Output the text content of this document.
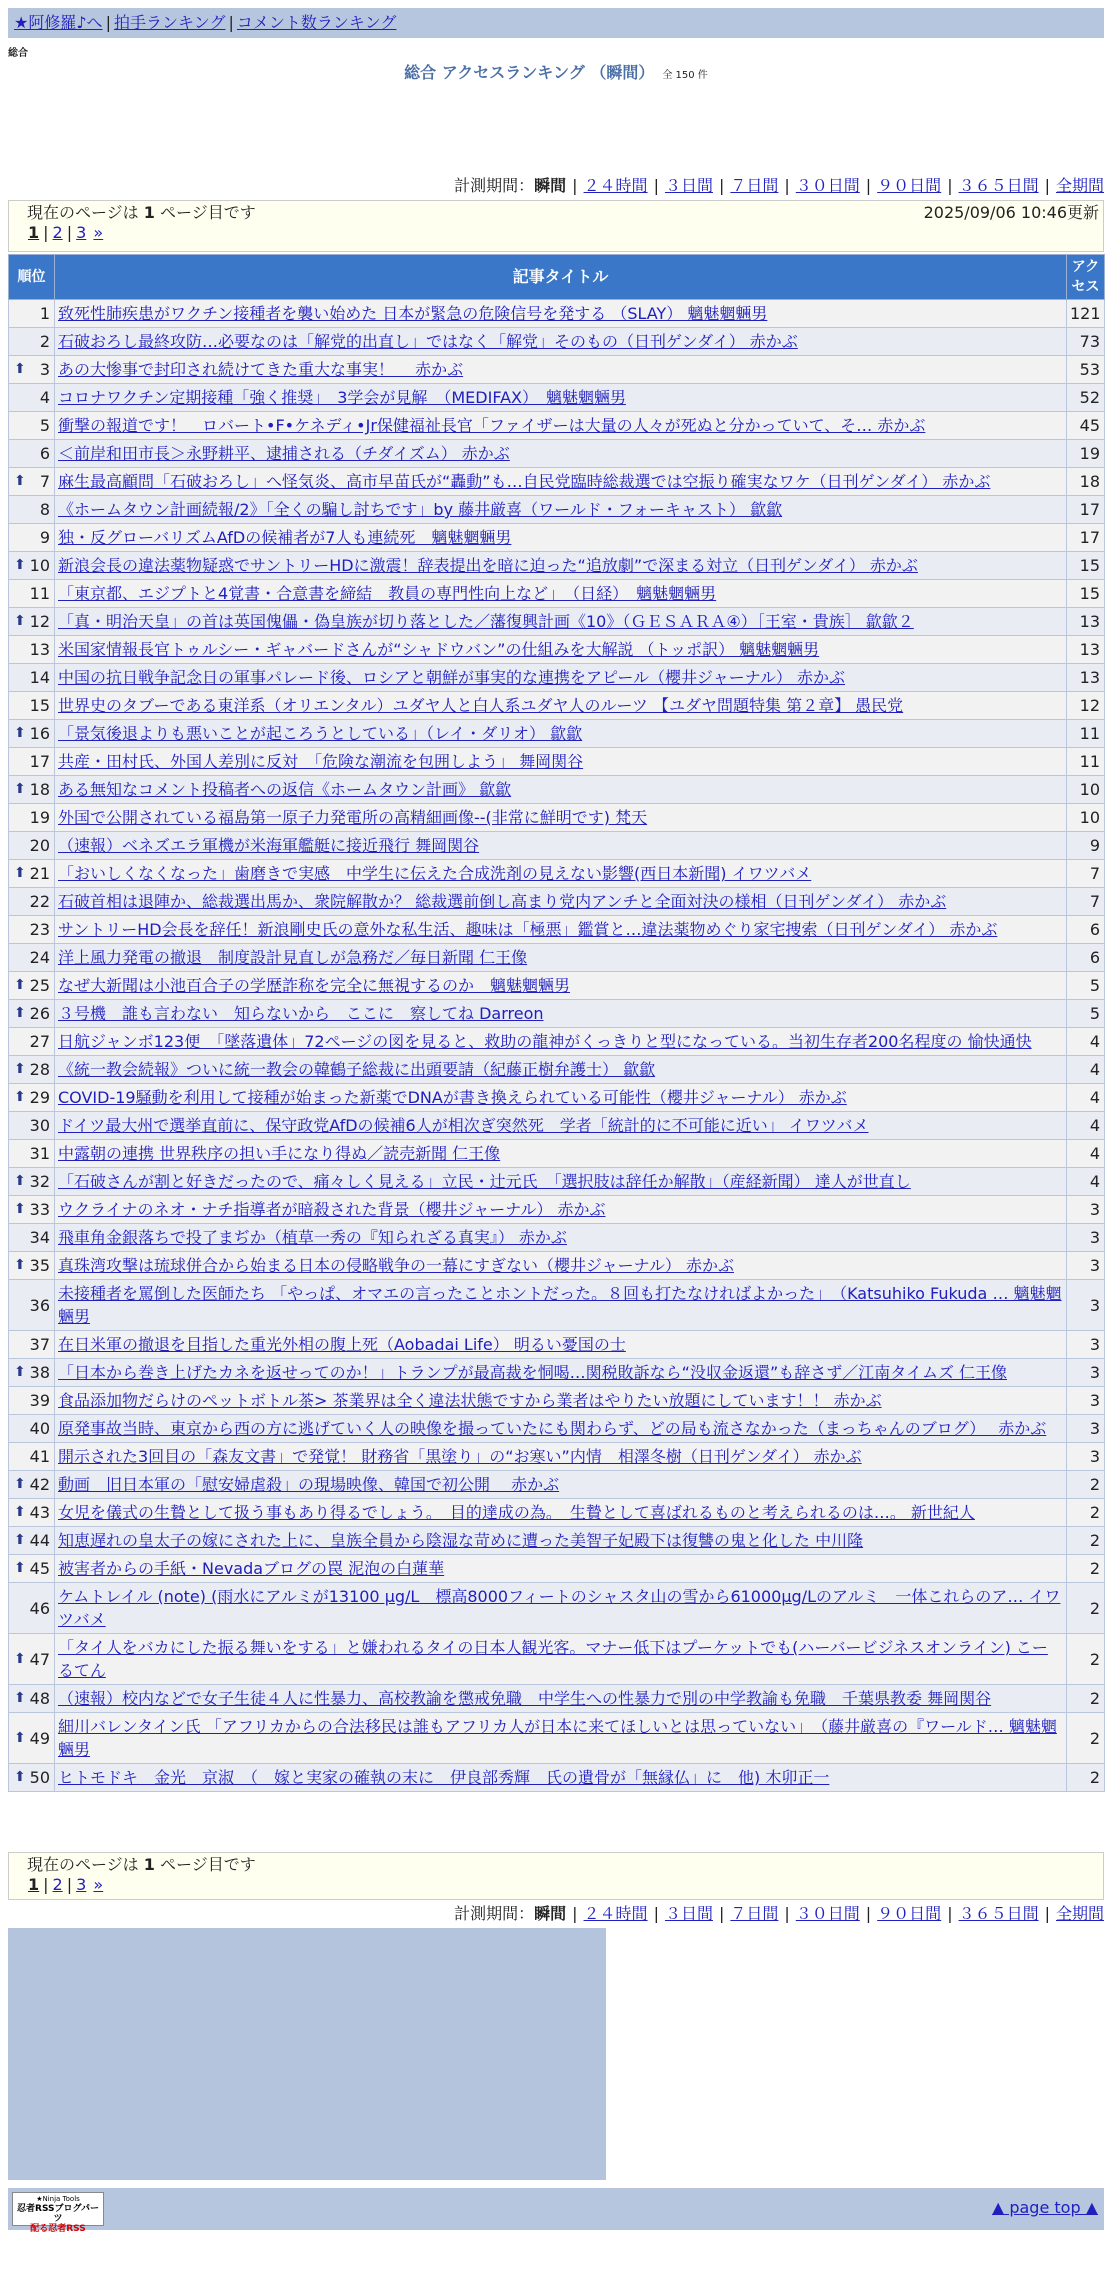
★阿修羅♪へ | 拍手ランキング | コメント数ランキング
総合
総合 アクセスランキング （瞬間） 全 150 件
計測期間：瞬間 | ２４時間 | ３日間 | ７日間 | ３０日間 | ９０日間 | ３６５日間 | 全期間
現在のページは 1 ページ目です	2025/09/06 10:46更新
1 | 2 | 3 »
順位	記事タイトル	アクセス
1	致死性肺疾患がワクチン接種者を襲い始めた 日本が緊急の危険信号を発する （SLAY） 魑魅魍魎男	121
2	石破おろし最終攻防…必要なのは「解党的出直し」ではなく「解党」そのもの（日刊ゲンダイ） 赤かぶ	73

⬆ 3	あの大惨事で封印され続けてきた重大な事実！ 　赤かぶ	53
4	コロナワクチン定期接種「強く推奨」　3学会が見解　（MEDIFAX）　魑魅魍魎男	52
5	衝撃の報道です！　ロバート•F•ケネディ•Jr保健福祉長官「ファイザーは大量の人々が死ぬと分かっていて、そ… 赤かぶ	45
6	＜前岸和田市長＞永野耕平、逮捕される（チダイズム） 赤かぶ	19

⬆ 7	麻生最高顧問「石破おろし」へ怪気炎、高市早苗氏が“轟動”も…自民党臨時総裁選では空振り確実なワケ（日刊ゲンダイ） 赤かぶ	18
8	《ホームタウン計画続報/2》「全くの騙し討ちです」by 藤井厳喜（ワールド・フォーキャスト） 歙歙	17
9	独・反グローバリズムAfDの候補者が7人も連続死　魑魅魍魎男	17

⬆ 10	新浪会長の違法薬物疑惑でサントリーHDに激震！辞表提出を暗に迫った“追放劇”で深まる対立（日刊ゲンダイ） 赤かぶ	15
11	「東京都、エジプトと4覚書・合意書を締結　教員の専門性向上など」　（日経）　魑魅魍魎男	15

⬆ 12	「真・明治天皇」の首は英国傀儡・偽皇族が切り落とした／藩復興計画《10》（ＧＥＳＡＲＡ④）［王室・貴族］ 歙歙２	13
13	米国家情報長官トゥルシー・ギャバードさんが“シャドウバン”の仕組みを大解説 （トッポ訳） 魑魅魍魎男	13
14	中国の抗日戦争記念日の軍事パレード後、ロシアと朝鮮が事実的な連携をアピール（櫻井ジャーナル） 赤かぶ	13
15	世界史のタブーである東洋系（オリエンタル）ユダヤ人と白人系ユダヤ人のルーツ 【ユダヤ問題特集 第２章】 愚民党	12

⬆ 16	「景気後退よりも悪いことが起ころうとしている」（レイ・ダリオ） 歙歙	11
17	共産・田村氏、外国人差別に反対　「危険な潮流を包囲しよう」 舞岡関谷	11

⬆ 18	ある無知なコメント投稿者への返信《ホームタウン計画》 歙歙	10
19	外国で公開されている福島第一原子力発電所の高精細画像--(非常に鮮明です) 梵天	10
20	（速報）ベネズエラ軍機が米海軍艦艇に接近飛行 舞岡関谷	9

⬆ 21	「おいしくなくなった」歯磨きで実感　中学生に伝えた合成洗剤の見えない影響(西日本新聞) イワツバメ	7
22	石破首相は退陣か、総裁選出馬か、衆院解散か？ 総裁選前倒し高まり党内アンチと全面対決の様相（日刊ゲンダイ） 赤かぶ	7
23	サントリーHD会長を辞任！新浪剛史氏の意外な私生活、趣味は「極悪」鑑賞と…違法薬物めぐり家宅捜索（日刊ゲンダイ） 赤かぶ	6
24	洋上風力発電の撤退　制度設計見直しが急務だ／毎日新聞 仁王像	6

⬆ 25	なぜ大新聞は小池百合子の学歴詐称を完全に無視するのか　魑魅魍魎男	5

⬆ 26	３号機　誰も言わない　知らないから　ここに　察してね Darreon	5
27	日航ジャンボ123便　「墜落遺体」72ページの図を見ると、救助の龍神がくっきりと型になっている。当初生存者200名程度の 愉快通快	4

⬆ 28	《統一教会続報》ついに統一教会の韓鶴子総裁に出頭要請（紀藤正樹弁護士） 歙歙	4

⬆ 29	COVID-19騒動を利用して接種が始まった新薬でDNAが書き換えられている可能性（櫻井ジャーナル） 赤かぶ	4
30	ドイツ最大州で選挙直前に、保守政党AfDの候補6人が相次ぎ突然死　学者「統計的に不可能に近い」 イワツバメ	4
31	中露朝の連携 世界秩序の担い手になり得ぬ／読売新聞 仁王像	4

⬆ 32	「石破さんが割と好きだったので、痛々しく見える」立民・辻元氏　「選択肢は辞任か解散」（産経新聞） 達人が世直し	4

⬆ 33	ウクライナのネオ・ナチ指導者が暗殺された背景（櫻井ジャーナル） 赤かぶ	3
34	飛車角金銀落ちで投了まぢか（植草一秀の『知られざる真実』） 赤かぶ	3

⬆ 35	真珠湾攻撃は琉球併合から始まる日本の侵略戦争の一幕にすぎない（櫻井ジャーナル） 赤かぶ	3
36	未接種者を罵倒した医師たち 「やっぱ、オマエの言ったことホントだった。８回も打たなければよかった」　（Katsuhiko Fukuda … 魑魅魍魎男	3
37	在日米軍の撤退を目指した重光外相の腹上死（Aobadai Life） 明るい憂国の士	3

⬆ 38	「日本から巻き上げたカネを返せってのか！」トランプが最高裁を恫喝…関税敗訴なら“没収金返還”も辞さず／江南タイムズ 仁王像	3
39	食品添加物だらけのペットボトル茶> 茶業界は全く違法状態ですから業者はやりたい放題にしています！！ 赤かぶ	3
40	原発事故当時、東京から西の方に逃げていく人の映像を撮っていたにも関わらず、どの局も流さなかった（まっちゃんのブログ）　 赤かぶ	3
41	開示された3回目の「森友文書」で発覚！ 財務省「黒塗り」の“お寒い”内情　相澤冬樹（日刊ゲンダイ） 赤かぶ	3

⬆ 42	動画　旧日本軍の「慰安婦虐殺」の現場映像、韓国で初公開　 赤かぶ	2

⬆ 43	女児を儀式の生贄として扱う事もあり得るでしょう。　目的達成の為。　生贄として喜ばれるものと考えられるのは…。 新世紀人	2

⬆ 44	知恵遅れの皇太子の嫁にされた上に、皇族全員から陰湿な苛めに遭った美智子妃殿下は復讐の鬼と化した 中川隆	2

⬆ 45	被害者からの手紙・Nevadaブログの罠 泥泡の白蓮華	2
46	ケムトレイル (note) (雨水にアルミが13100 μg/L　標高8000フィートのシャスタ山の雪から61000μg/Lのアルミ　一体これらのア… イワツバメ	2

⬆ 47	「タイ人をバカにした振る舞いをする」と嫌われるタイの日本人観光客。マナー低下はプーケットでも(ハーバービジネスオンライン) こーるてん	2

⬆ 48	（速報）校内などで女子生徒４人に性暴力、高校教諭を懲戒免職　中学生への性暴力で別の中学教諭も免職　千葉県教委 舞岡関谷	2

⬆ 49	細川バレンタイン氏 「アフリカからの合法移民は誰もアフリカ人が日本に来てほしいとは思っていない」　（藤井厳喜の『ワールド… 魑魅魍魎男	2

⬆ 50	ヒトモドキ　金光　京淑　（　嫁と実家の確執の末に　伊良部秀輝　氏の遺骨が「無縁仏」に　他) 木卯正一	2
現在のページは 1 ページ目です
1 | 2 | 3 »
計測期間：瞬間 | ２４時間 | ３日間 | ７日間 | ３０日間 | ９０日間 | ３６５日間 | 全期間
★Ninja Tools
忍者RSSブログパーツ
配る忍者RSS
▲ page top ▲
